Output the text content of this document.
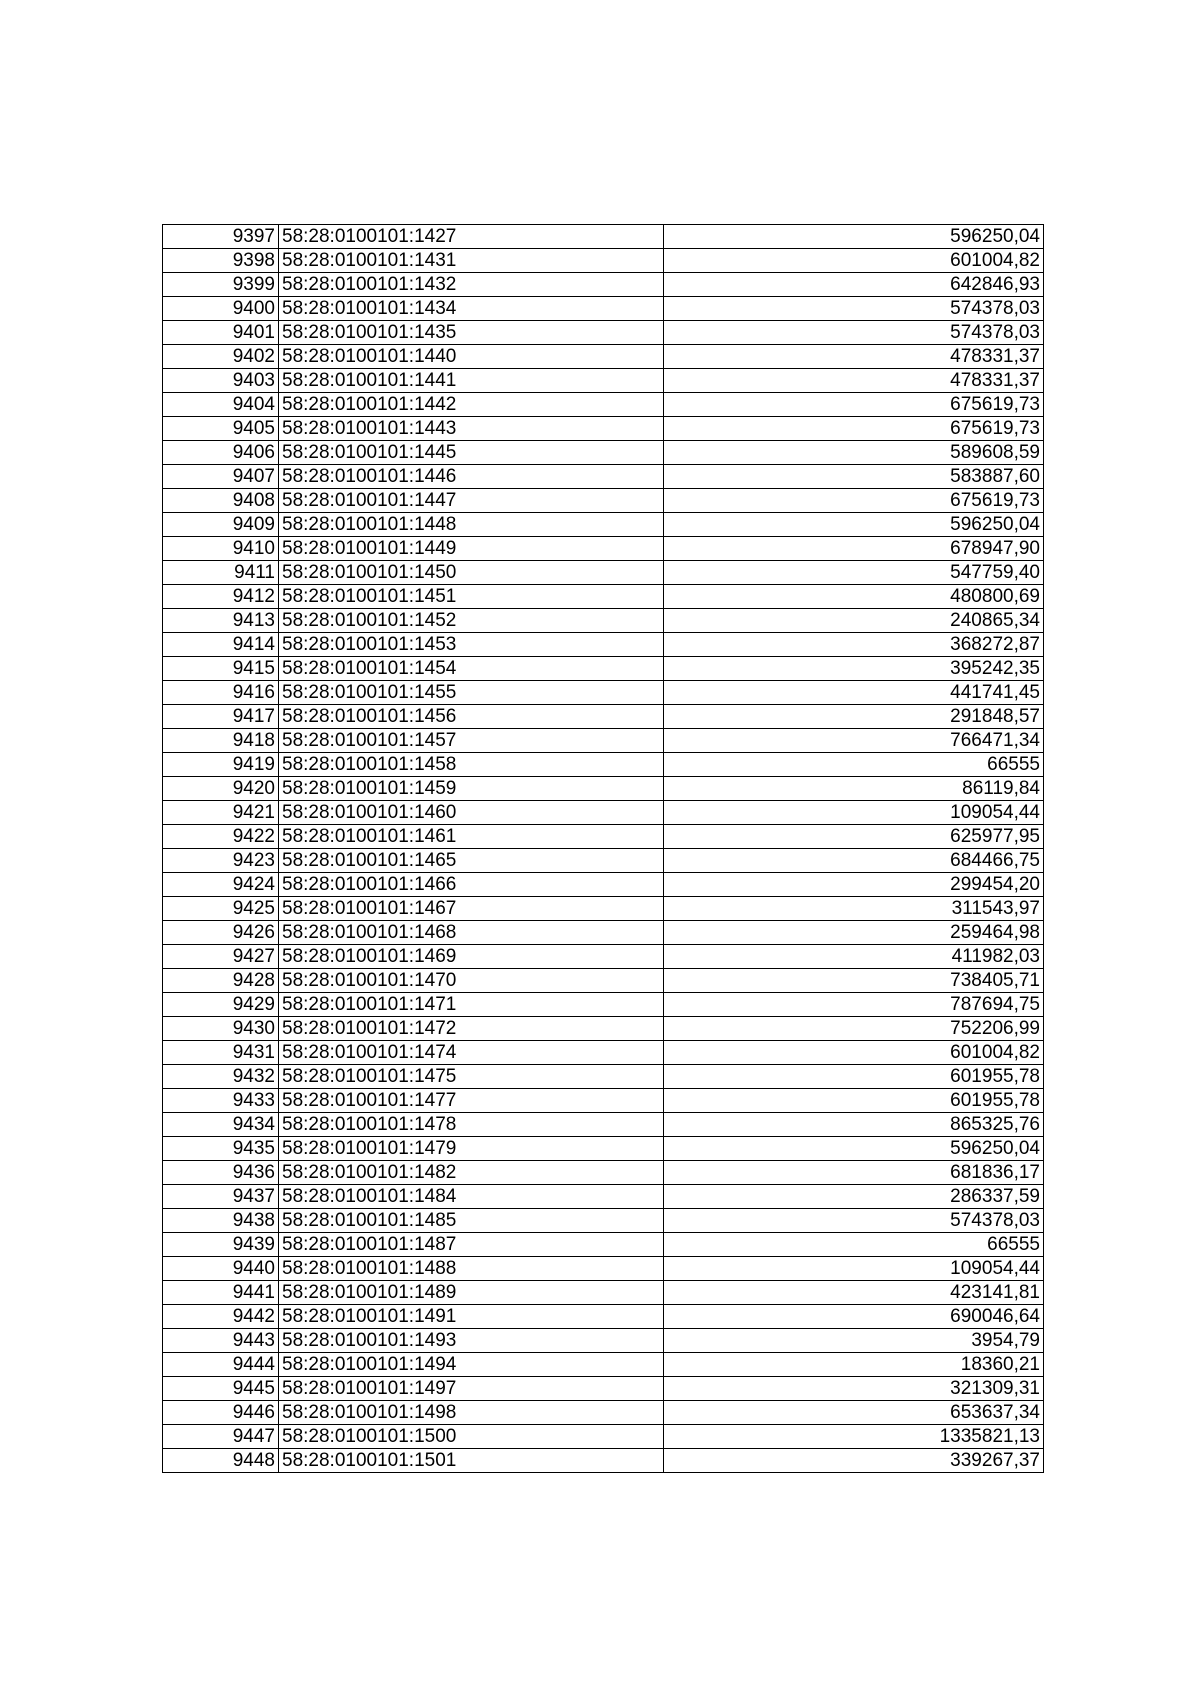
9397	58:28:0100101:1427	596250,04
9398	58:28:0100101:1431	601004,82
9399	58:28:0100101:1432	642846,93
9400	58:28:0100101:1434	574378,03
9401	58:28:0100101:1435	574378,03
9402	58:28:0100101:1440	478331,37
9403	58:28:0100101:1441	478331,37
9404	58:28:0100101:1442	675619,73
9405	58:28:0100101:1443	675619,73
9406	58:28:0100101:1445	589608,59
9407	58:28:0100101:1446	583887,60
9408	58:28:0100101:1447	675619,73
9409	58:28:0100101:1448	596250,04
9410	58:28:0100101:1449	678947,90
9411	58:28:0100101:1450	547759,40
9412	58:28:0100101:1451	480800,69
9413	58:28:0100101:1452	240865,34
9414	58:28:0100101:1453	368272,87
9415	58:28:0100101:1454	395242,35
9416	58:28:0100101:1455	441741,45
9417	58:28:0100101:1456	291848,57
9418	58:28:0100101:1457	766471,34
9419	58:28:0100101:1458	66555
9420	58:28:0100101:1459	86119,84
9421	58:28:0100101:1460	109054,44
9422	58:28:0100101:1461	625977,95
9423	58:28:0100101:1465	684466,75
9424	58:28:0100101:1466	299454,20
9425	58:28:0100101:1467	311543,97
9426	58:28:0100101:1468	259464,98
9427	58:28:0100101:1469	411982,03
9428	58:28:0100101:1470	738405,71
9429	58:28:0100101:1471	787694,75
9430	58:28:0100101:1472	752206,99
9431	58:28:0100101:1474	601004,82
9432	58:28:0100101:1475	601955,78
9433	58:28:0100101:1477	601955,78
9434	58:28:0100101:1478	865325,76
9435	58:28:0100101:1479	596250,04
9436	58:28:0100101:1482	681836,17
9437	58:28:0100101:1484	286337,59
9438	58:28:0100101:1485	574378,03
9439	58:28:0100101:1487	66555
9440	58:28:0100101:1488	109054,44
9441	58:28:0100101:1489	423141,81
9442	58:28:0100101:1491	690046,64
9443	58:28:0100101:1493	3954,79
9444	58:28:0100101:1494	18360,21
9445	58:28:0100101:1497	321309,31
9446	58:28:0100101:1498	653637,34
9447	58:28:0100101:1500	1335821,13
9448	58:28:0100101:1501	339267,37
